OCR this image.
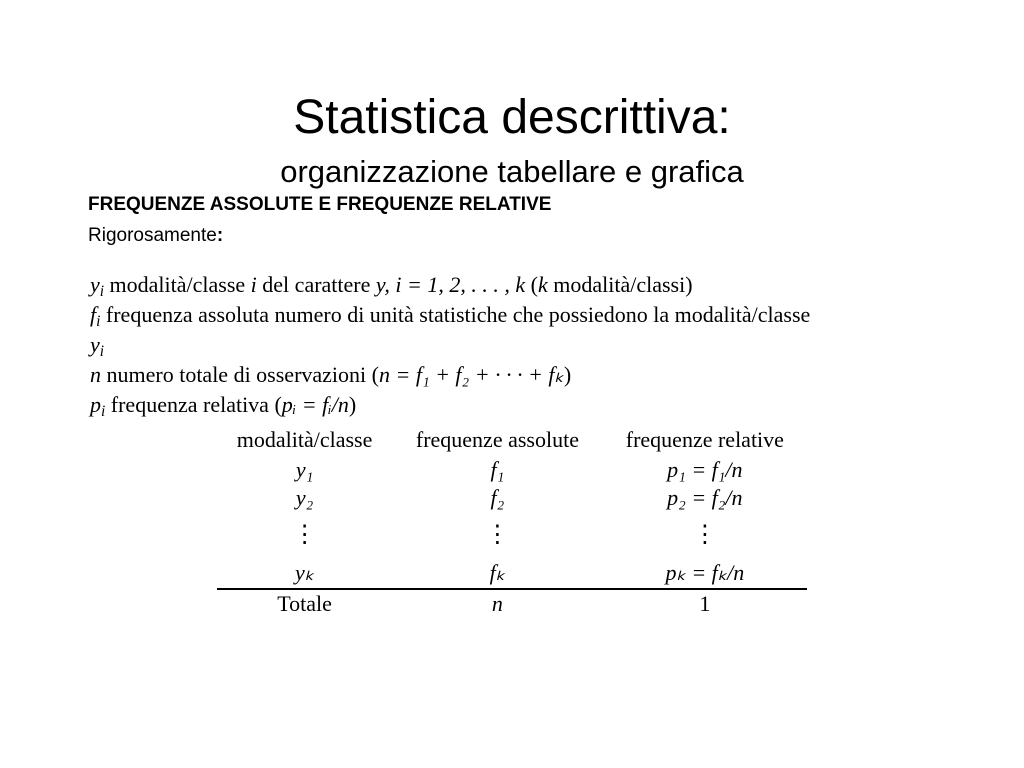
Statistica descrittiva:
organizzazione tabellare e grafica
FREQUENZE ASSOLUTE E FREQUENZE RELATIVE
Rigorosamente:
yi modalità/classe i del carattere y, i = 1, 2, . . . , k (k modalità/classi)
fi frequenza assoluta numero di unità statistiche che possiedono la modalità/classe
yi
n numero totale di osservazioni (n = f₁ + f₂ + · · · + fₖ)
pi frequenza relativa (pᵢ = fᵢ/n)
modalità/classe	frequenze assolute	frequenze relative
y₁	f₁	p₁ = f₁/n
y₂	f₂	p₂ = f₂/n
⋮	⋮	⋮
yₖ	fₖ	pₖ = fₖ/n
Totale	n	1
